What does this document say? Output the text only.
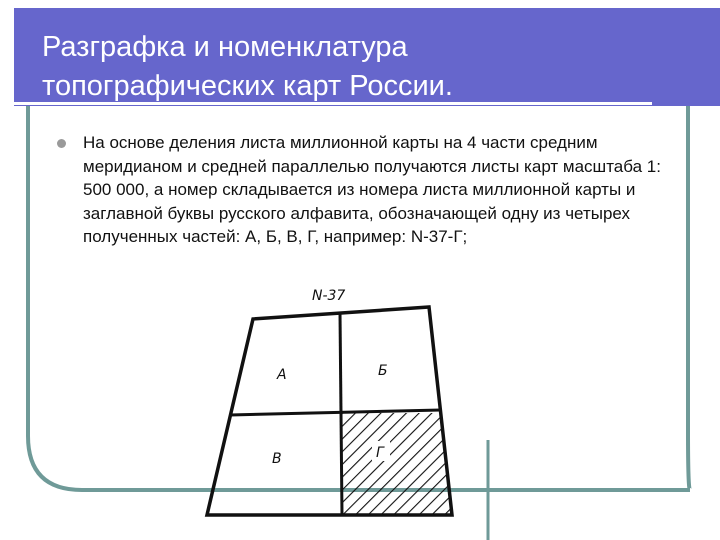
Разграфка и номенклатура
топографических карт России.

На основе деления листа миллионной карты на 4 части средним меридианом и средней параллелью получаются листы карт масштаба 1: 500 000, а номер складывается из номера листа миллионной карты и заглавной буквы русского алфавита, обозначающей одну из четырех полученных частей: А, Б, В, Г, например: N-37-Г;

N-37
А	Б
В	Г
